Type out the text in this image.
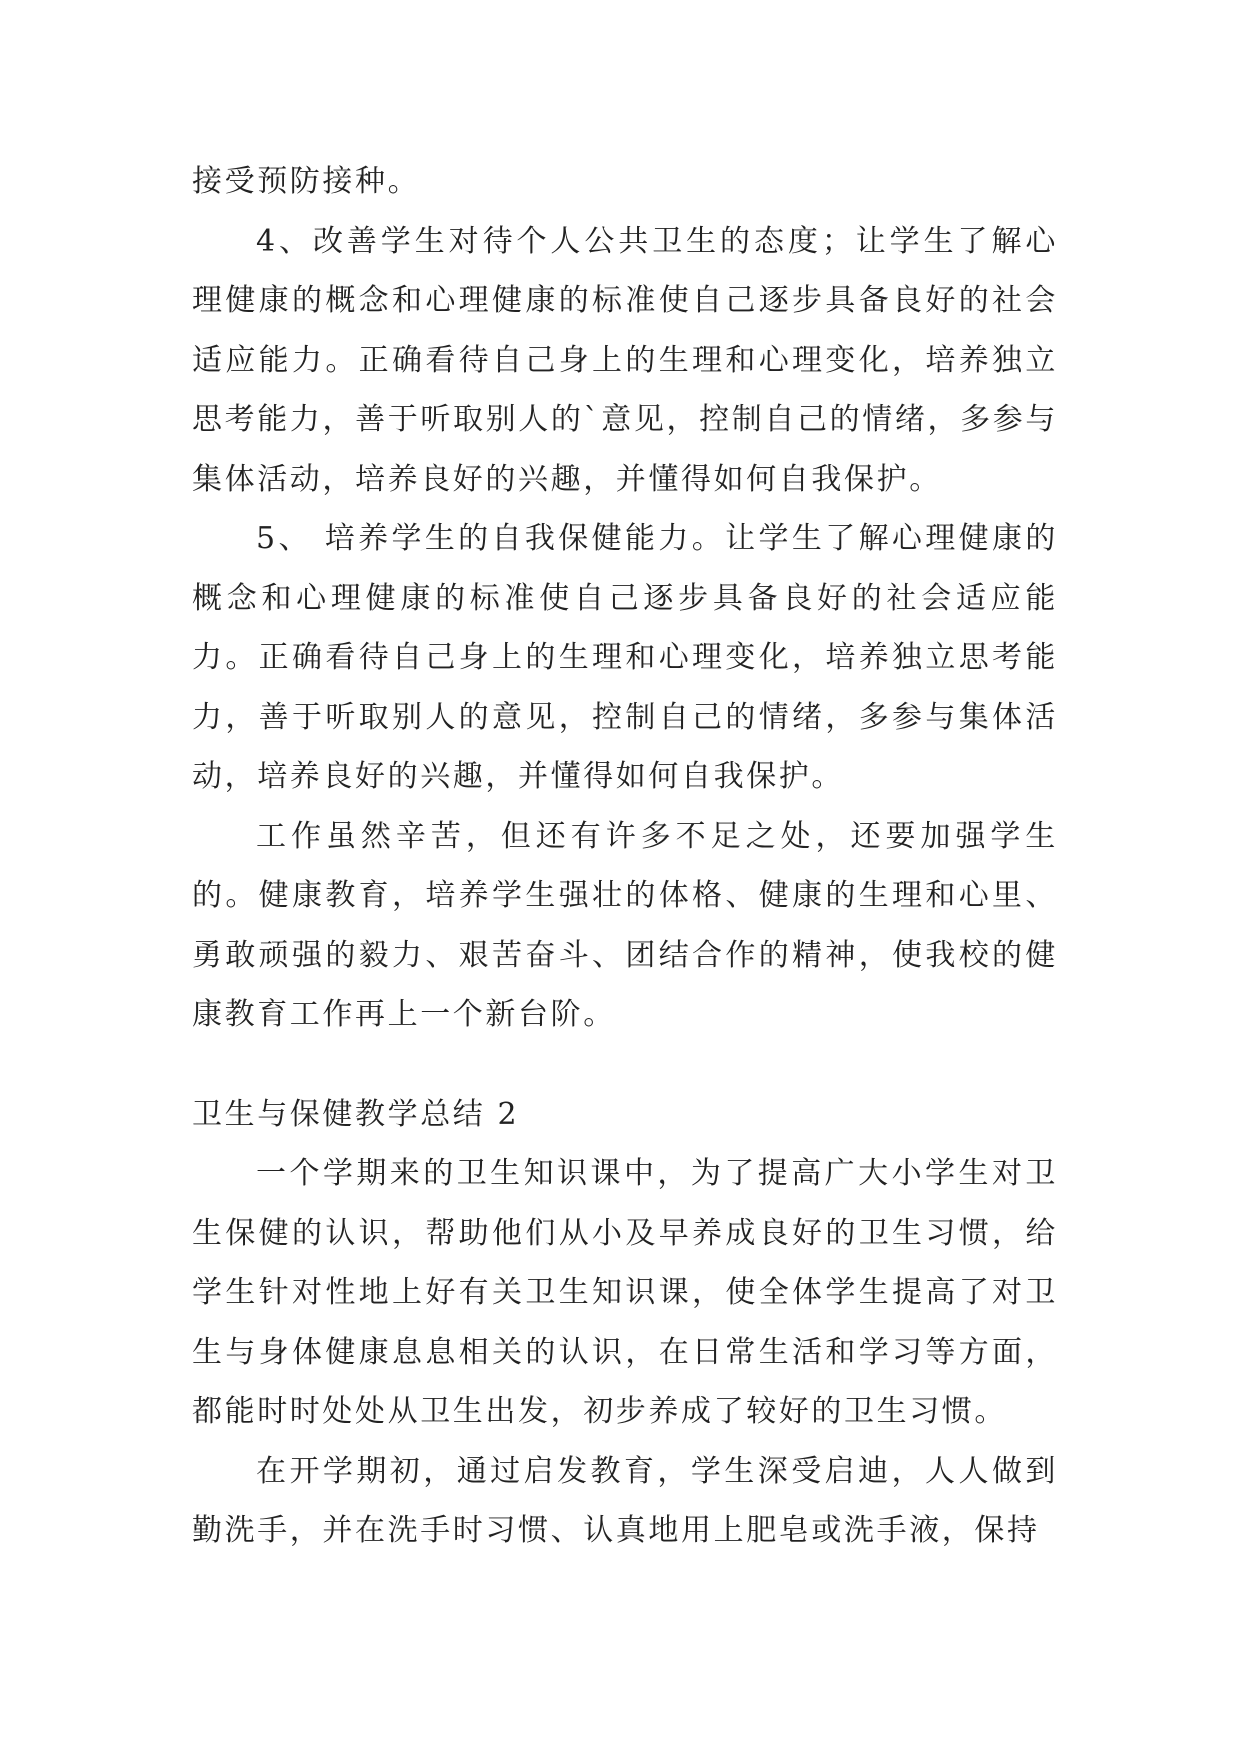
接受预防接种。

4、改善学生对待个人公共卫生的态度；让学生了解心理健康的概念和心理健康的标准使自己逐步具备良好的社会适应能力。正确看待自己身上的生理和心理变化，培养独立思考能力，善于听取别人的`意见，控制自己的情绪，多参与集体活动，培养良好的兴趣，并懂得如何自我保护。

5、 培养学生的自我保健能力。让学生了解心理健康的概念和心理健康的标准使自己逐步具备良好的社会适应能力。正确看待自己身上的生理和心理变化，培养独立思考能力，善于听取别人的意见，控制自己的情绪，多参与集体活动，培养良好的兴趣，并懂得如何自我保护。

工作虽然辛苦，但还有许多不足之处，还要加强学生的。健康教育，培养学生强壮的体格、健康的生理和心里、勇敢顽强的毅力、艰苦奋斗、团结合作的精神，使我校的健康教育工作再上一个新台阶。

卫生与保健教学总结 2

一个学期来的卫生知识课中，为了提高广大小学生对卫生保健的认识，帮助他们从小及早养成良好的卫生习惯，给学生针对性地上好有关卫生知识课，使全体学生提高了对卫生与身体健康息息相关的认识，在日常生活和学习等方面，都能时时处处从卫生出发，初步养成了较好的卫生习惯。

在开学期初，通过启发教育，学生深受启迪，人人做到勤洗手，并在洗手时习惯、认真地用上肥皂或洗手液，保持
